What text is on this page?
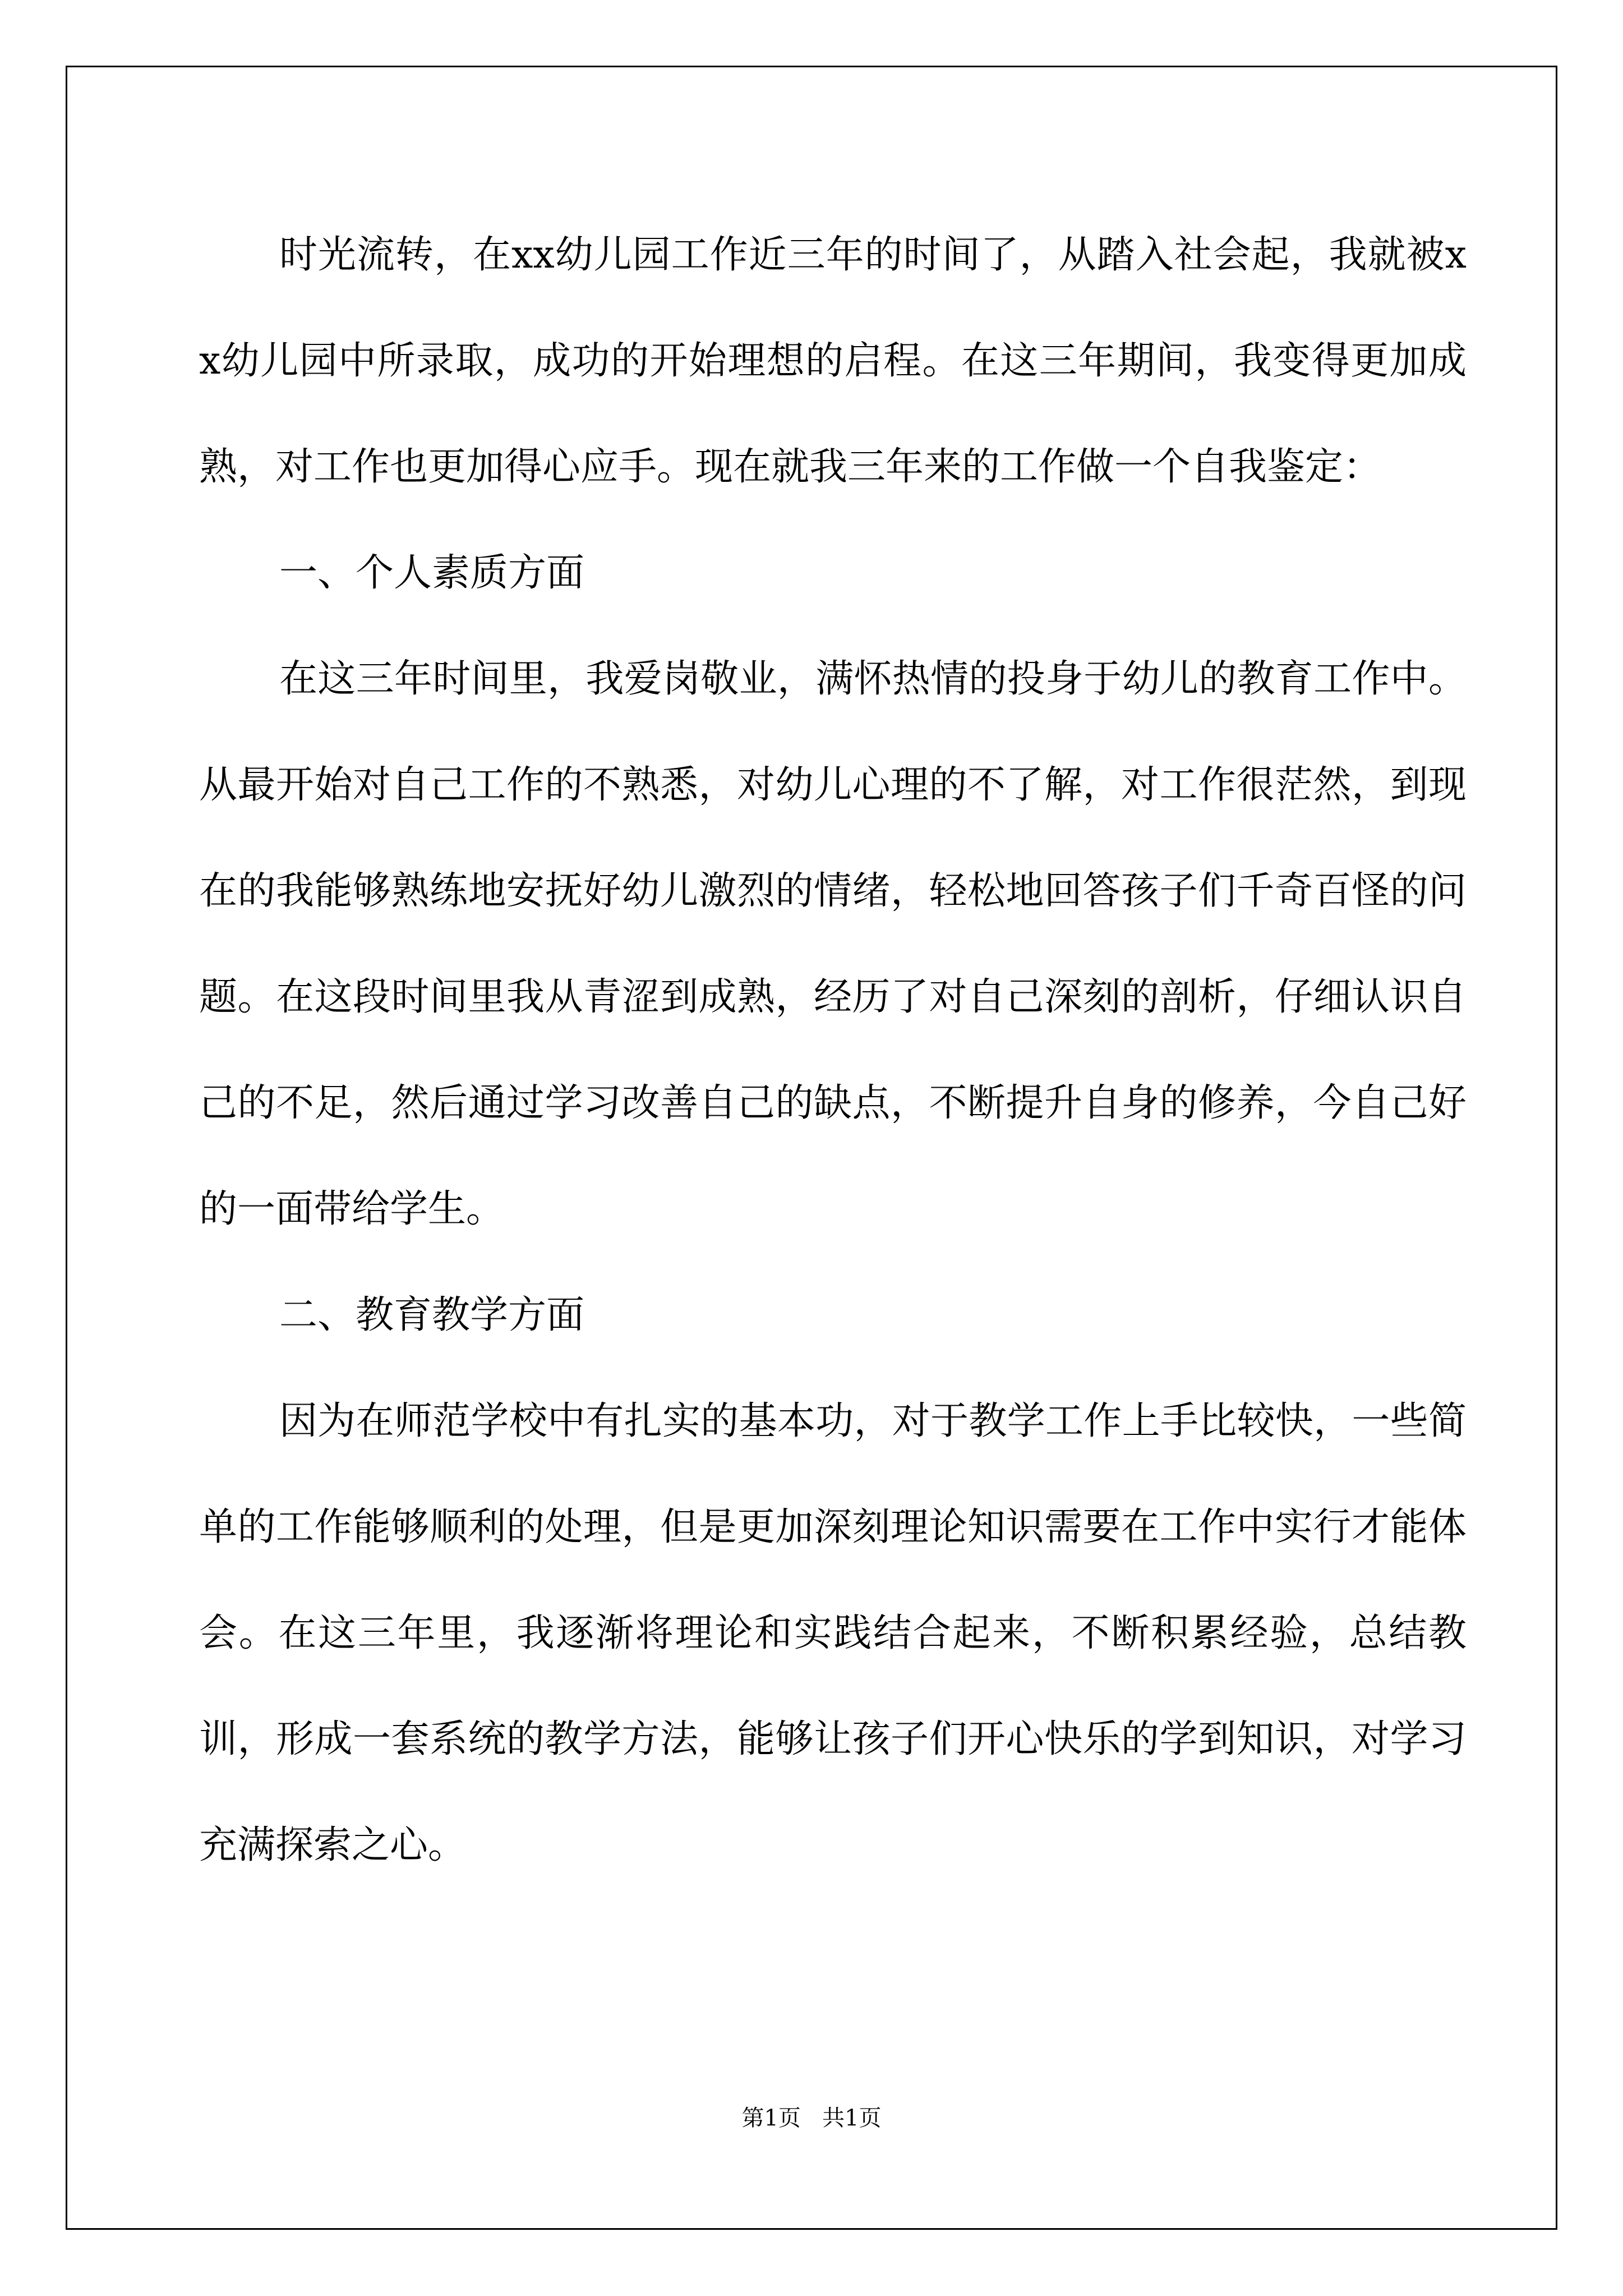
时光流转，在xx幼儿园工作近三年的时间了，从踏入社会起，我就被xx幼儿园中所录取，成功的开始理想的启程。在这三年期间，我变得更加成熟，对工作也更加得心应手。现在就我三年来的工作做一个自我鉴定：

一、个人素质方面

在这三年时间里，我爱岗敬业，满怀热情的投身于幼儿的教育工作中。从最开始对自己工作的不熟悉，对幼儿心理的不了解，对工作很茫然，到现在的我能够熟练地安抚好幼儿激烈的情绪，轻松地回答孩子们千奇百怪的问题。在这段时间里我从青涩到成熟，经历了对自己深刻的剖析，仔细认识自己的不足，然后通过学习改善自己的缺点，不断提升自身的修养，今自己好的一面带给学生。

二、教育教学方面

因为在师范学校中有扎实的基本功，对于教学工作上手比较快，一些简单的工作能够顺利的处理，但是更加深刻理论知识需要在工作中实行才能体会。在这三年里，我逐渐将理论和实践结合起来，不断积累经验，总结教训，形成一套系统的教学方法，能够让孩子们开心快乐的学到知识，对学习充满探索之心。

第1页   共1页
